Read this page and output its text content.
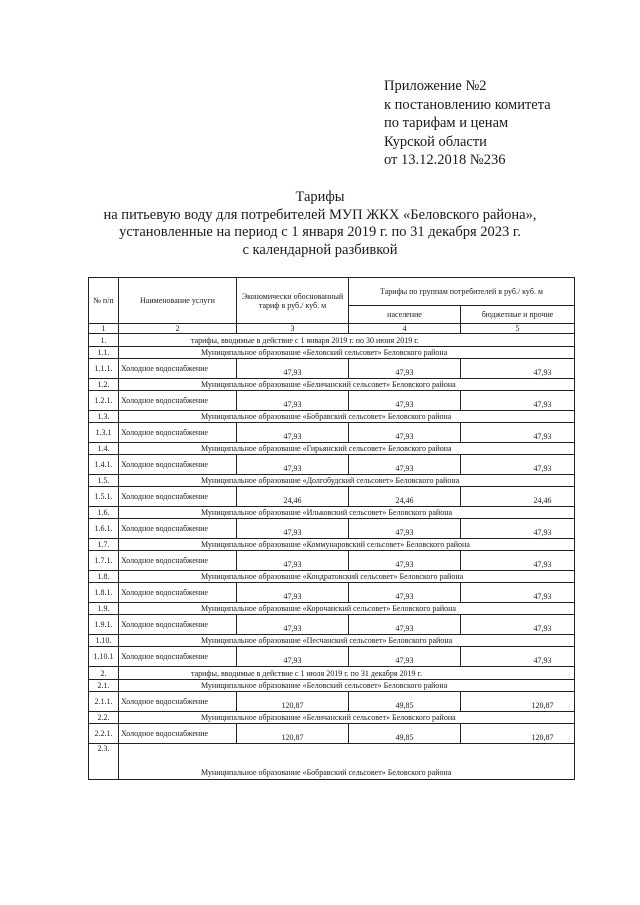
Приложение №2
к постановлению комитета
по тарифам и ценам
Курской области
от 13.12.2018 №236
Тарифы
на питьевую воду для потребителей МУП ЖКХ «Беловского района»,
установленные на период с 1 января 2019 г. по 31 декабря 2023 г.
с календарной разбивкой
№ п/п	Наименование услуги	Экономически обоснованный тариф в руб./ куб. м	Тарифы по группам потребителей в руб./ куб. м	
			население	бюджетные и прочие
1	2	3	4	5
1.	тарифы, вводимые в действие с 1 января 2019 г. по 30 июня 2019 г.			
1.1.	Муниципальное образование «Беловский сельсовет» Беловского района			
1.1.1.	Холодное водоснабжение	47,93	47,93	47,93
1.2.	Муниципальное образование «Беличанский сельсовет» Беловского района			
1.2.1.	Холодное водоснабжение	47,93	47,93	47,93
1.3.	Муниципальное образование «Бобравский сельсовет» Беловского района			
1.3.1	Холодное водоснабжение	47,93	47,93	47,93
1.4.	Муниципальное образование «Гирьянский сельсовет» Беловского района			
1.4.1.	Холодное водоснабжение	47,93	47,93	47,93
1.5.	Муниципальное образование «Долгобудский сельсовет» Беловского района			
1.5.1.	Холодное водоснабжение	24,46	24,46	24,46
1.6.	Муниципальное образование «Ильковский сельсовет» Беловского района			
1.6.1.	Холодное водоснабжение	47,93	47,93	47,93
1.7.	Муниципальное образование «Коммунаровский сельсовет» Беловского района			
1.7.1.	Холодное водоснабжение	47,93	47,93	47,93
1.8.	Муниципальное образование «Кондратовский сельсовет» Беловского района			
1.8.1.	Холодное водоснабжение	47,93	47,93	47,93
1.9.	Муниципальное образование «Корочанский сельсовет» Беловского района			
1.9.1.	Холодное водоснабжение	47,93	47,93	47,93
1.10.	Муниципальное образование «Песчанский сельсовет» Беловского района			
1.10.1	Холодное водоснабжение	47,93	47,93	47,93
2.	тарифы, вводимые в действие с 1 июля 2019 г. по 31 декабря 2019 г.			
2.1.	Муниципальное образование «Беловский сельсовет» Беловского района			
2.1.1.	Холодное водоснабжение	120,87	49,85	120,87
2.2.	Муниципальное образование «Беличанский сельсовет» Беловского района			
2.2.1.	Холодное водоснабжение	120,87	49,85	120,87
2.3.	Муниципальное образование «Бобравский сельсовет» Беловского района			
